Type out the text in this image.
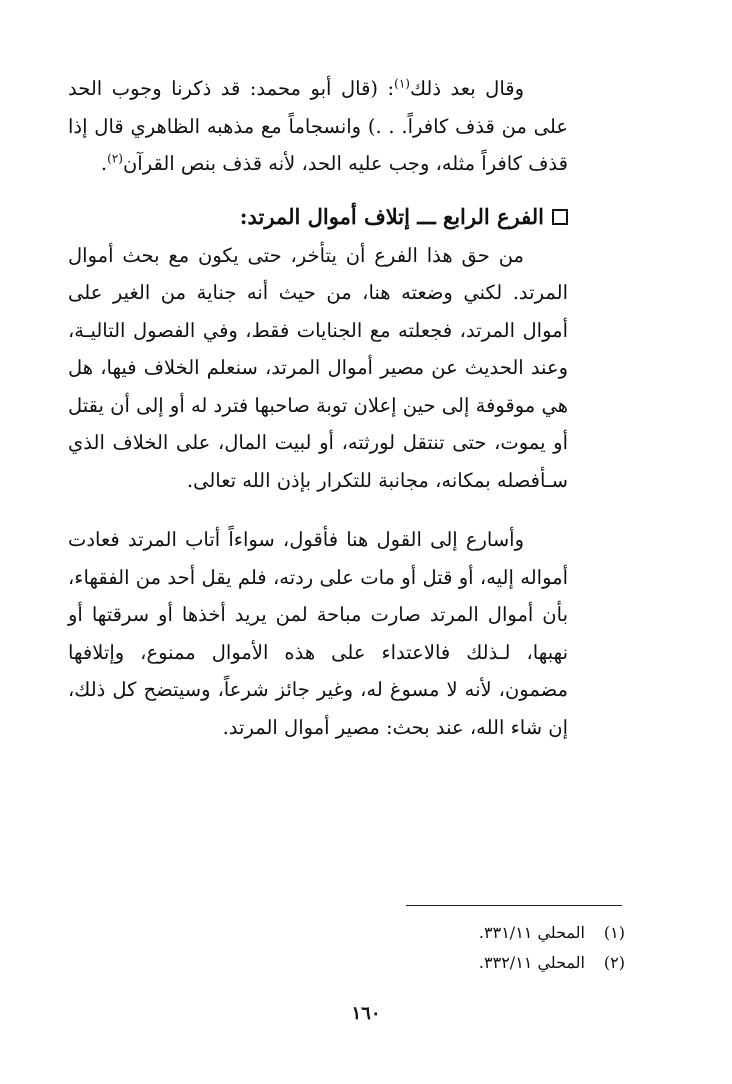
وقال بعد ذلك$^{(١)}$: (قال أبو محمد: قد ذكرنا وجوب الحد على من قذف كافراً. . .) وانسجاماً مع مذهبه الظاهري قال إذا قذف كافراً مثله، وجب عليه الحد، لأنه قذف بنص القرآن$^{(٢)}$.

الفرع الرابع ـــ إتلاف أموال المرتد:

من حق هذا الفرع أن يتأخر، حتى يكون مع بحث أموال المرتد. لكني وضعته هنا، من حيث أنه جناية من الغير على أموال المرتد، فجعلته مع الجنايات فقط، وفي الفصول التاليـة، وعند الحديث عن مصير أموال المرتد، سنعلم الخلاف فيها، هل هي موقوفة إلى حين إعلان توبة صاحبها فترد له أو إلى أن يقتل أو يموت، حتى تنتقل لورثته، أو لبيت المال، على الخلاف الذي سـأفصله بمكانه، مجانبة للتكرار بإذن الله تعالى.

وأسارع إلى القول هنا فأقول، سواءاً أتاب المرتد فعادت أمواله إليه، أو قتل أو مات على ردته، فلم يقل أحد من الفقهاء، بأن أموال المرتد صارت مباحة لمن يريد أخذها أو سرقتها أو نهبها، لـذلك فالاعتداء على هذه الأموال ممنوع، وإتلافها مضمون، لأنه لا مسوغ له، وغير جائز شرعاً، وسيتضح كل ذلك، إن شاء الله، عند بحث: مصير أموال المرتد.

(١)
المحلي ٣٣١/١١.
(٢)
المحلي ٣٣٢/١١.
١٦٠
